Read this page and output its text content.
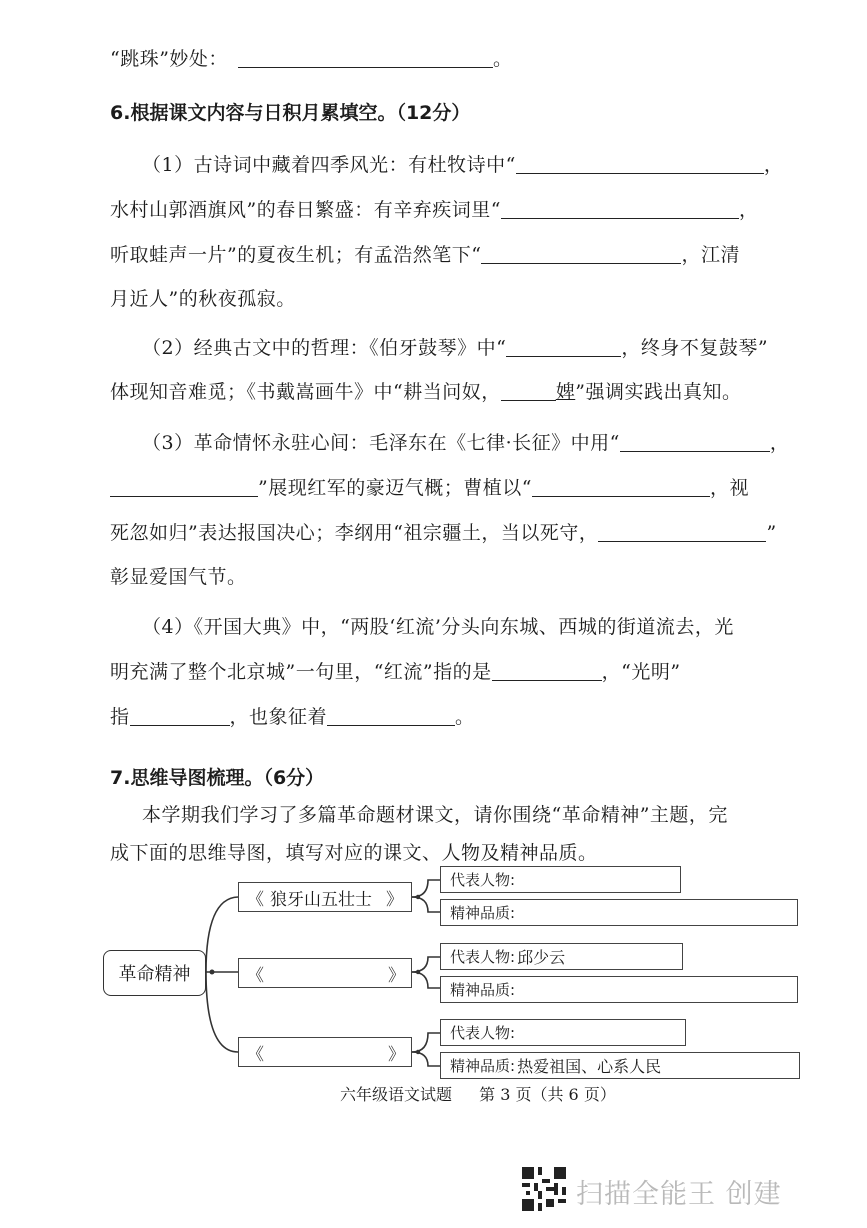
“跳珠”妙处：	。
6.根据课文内容与日积月累填空。（12分）
（1）古诗词中藏着四季风光：有杜牧诗中“	，
水村山郭酒旗风”的春日繁盛：有辛弃疾词里“	，
听取蛙声一片”的夏夜生机；有孟浩然笔下“	，江清
月近人”的秋夜孤寂。
（2）经典古文中的哲理：《伯牙鼓琴》中“	，终身不复鼓琴”
体现知音难觅；《书戴嵩画牛》中“耕当问奴，	婢”强调实践出真知。
（3）革命情怀永驻心间：毛泽东在《七律·长征》中用“	，
”展现红军的豪迈气概；曹植以“	，视
死忽如归”表达报国决心；李纲用“祖宗疆土，当以死守，	”
彰显爱国气节。
（4）《开国大典》中，“两股‘红流’分头向东城、西城的街道流去，光
明充满了整个北京城”一句里，“红流”指的是	，“光明”
指	，也象征着	。
7.思维导图梳理。（6分）
本学期我们学习了多篇革命题材课文，请你围绕“革命精神”主题，完
成下面的思维导图，填写对应的课文、人物及精神品质。
革命精神
《 狼牙山五壮士 》
代表人物:
精神品质:
《	》
代表人物: 邱少云
精神品质:
《	》
代表人物:
精神品质: 热爱祖国、心系人民
六年级语文试题 第 3 页（共 6 页）
扫描全能王 创建
